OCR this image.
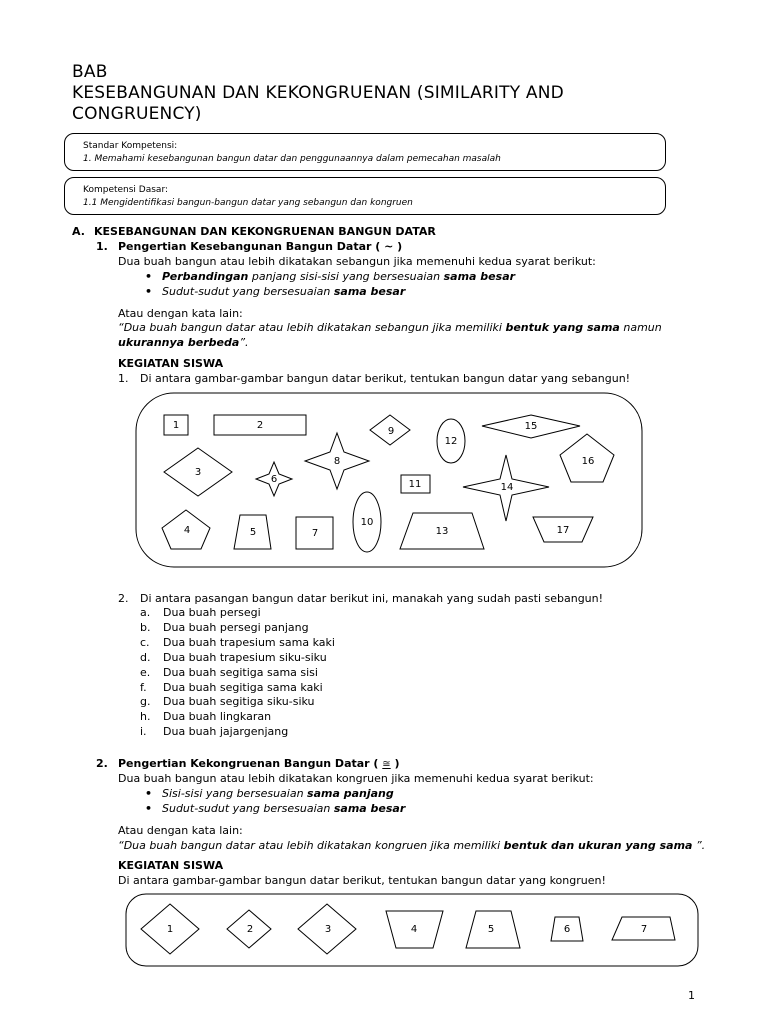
BAB
KESEBANGUNAN DAN KEKONGRUENAN (SIMILARITY AND
CONGRUENCY)
Standar Kompetensi:
1. Memahami kesebangunan bangun datar dan penggunaannya dalam pemecahan masalah
Kompetensi Dasar:
1.1 Mengidentifikasi bangun-bangun datar yang sebangun dan kongruen
A. KESEBANGUNAN DAN KEKONGRUENAN BANGUN DATAR
1. Pengertian Kesebangunan Bangun Datar ( ~ )
Dua buah bangun atau lebih dikatakan sebangun jika memenuhi kedua syarat berikut:
• Perbandingan panjang sisi-sisi yang bersesuaian sama besar
• Sudut-sudut yang bersesuaian sama besar
Atau dengan kata lain:
“Dua buah bangun datar atau lebih dikatakan sebangun jika memiliki bentuk yang sama namun
ukurannya berbeda”.
KEGIATAN SISWA
1. Di antara gambar-gambar bangun datar berikut, tentukan bangun datar yang sebangun!
1	2
3
4	5
6
7
8
9
10
11
12
13
14
15
16
17
2. Di antara pasangan bangun datar berikut ini, manakah yang sudah pasti sebangun!
a. Dua buah persegi
b. Dua buah persegi panjang
c. Dua buah trapesium sama kaki
d. Dua buah trapesium siku-siku
e. Dua buah segitiga sama sisi
f. Dua buah segitiga sama kaki
g. Dua buah segitiga siku-siku
h. Dua buah lingkaran
i. Dua buah jajargenjang
2. Pengertian Kekongruenan Bangun Datar ( ≅ )
Dua buah bangun atau lebih dikatakan kongruen jika memenuhi kedua syarat berikut:
• Sisi-sisi yang bersesuaian sama panjang
• Sudut-sudut yang bersesuaian sama besar
Atau dengan kata lain:
“Dua buah bangun datar atau lebih dikatakan kongruen jika memiliki bentuk dan ukuran yang sama ”.
KEGIATAN SISWA
Di antara gambar-gambar bangun datar berikut, tentukan bangun datar yang kongruen!
1	2	3	4	5	6	7
1
